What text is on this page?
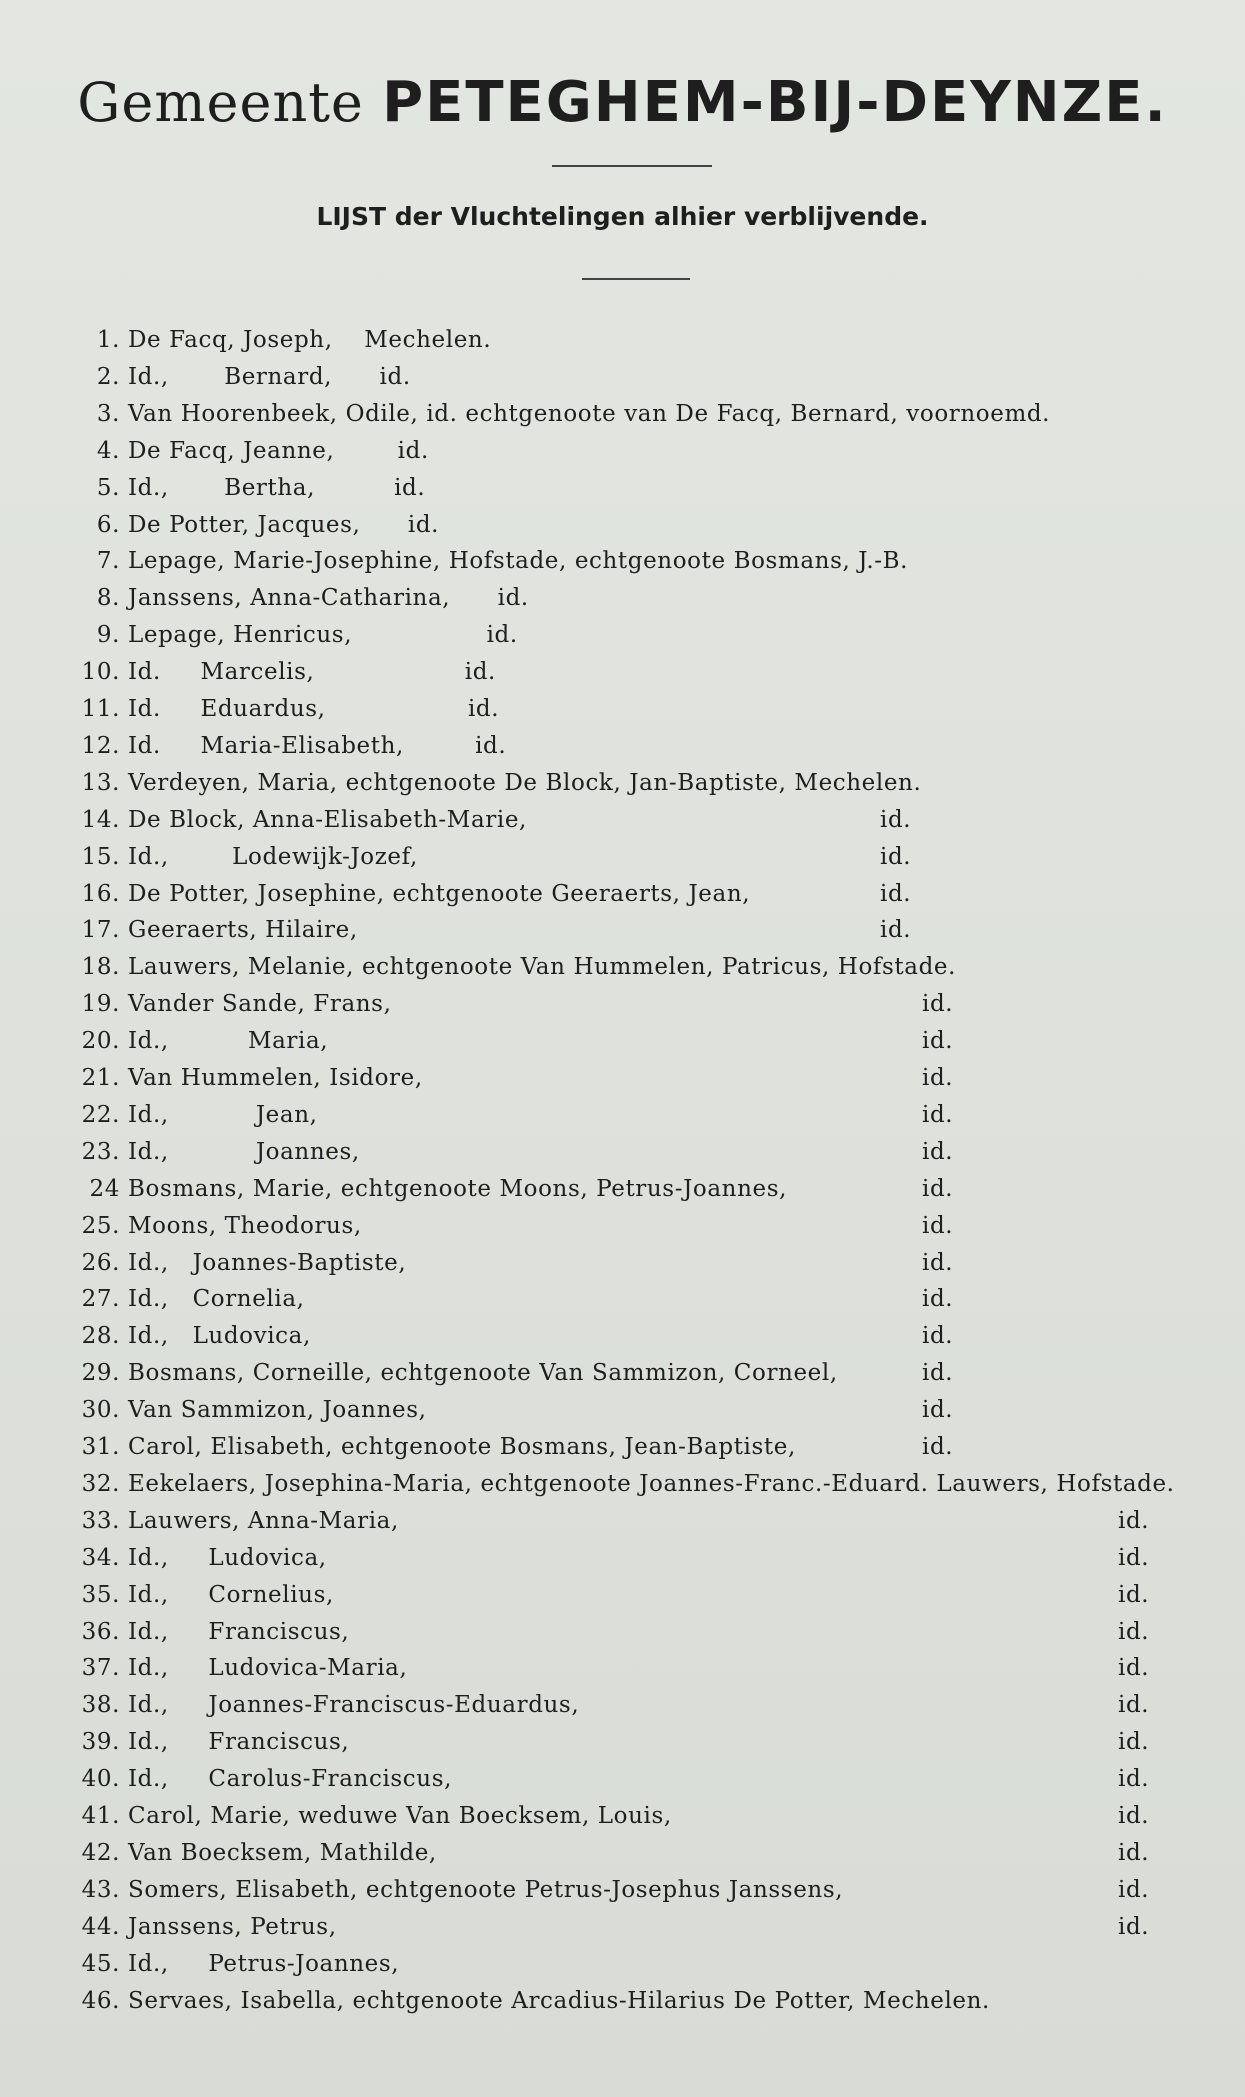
Gemeente PETEGHEM-BIJ-DEYNZE.
LIJST der Vluchtelingen alhier verblijvende.
1. De Facq, Joseph,    Mechelen.
2. Id.,       Bernard,      id.
3. Van Hoorenbeek, Odile, id. echtgenoote van De Facq, Bernard, voornoemd.
4. De Facq, Jeanne,        id.
5. Id.,       Bertha,          id.
6. De Potter, Jacques,      id.
7. Lepage, Marie-Josephine, Hofstade, echtgenoote Bosmans, J.-B.
8. Janssens, Anna-Catharina,      id.
9. Lepage, Henricus,                 id.
10. Id.     Marcelis,                   id.
11. Id.     Eduardus,                  id.
12. Id.     Maria-Elisabeth,         id.
13. Verdeyen, Maria, echtgenoote De Block, Jan-Baptiste, Mechelen.
14. De Block, Anna-Elisabeth-Marie,	id.
15. Id.,        Lodewijk-Jozef,	id.
16. De Potter, Josephine, echtgenoote Geeraerts, Jean,	id.
17. Geeraerts, Hilaire,	id.
18. Lauwers, Melanie, echtgenoote Van Hummelen, Patricus, Hofstade.
19. Vander Sande, Frans,	id.
20. Id.,          Maria,	id.
21. Van Hummelen, Isidore,	id.
22. Id.,           Jean,	id.
23. Id.,           Joannes,	id.
24 Bosmans, Marie, echtgenoote Moons, Petrus-Joannes,	id.
25. Moons, Theodorus,	id.
26. Id.,   Joannes-Baptiste,	id.
27. Id.,   Cornelia,	id.
28. Id.,   Ludovica,	id.
29. Bosmans, Corneille, echtgenoote Van Sammizon, Corneel,	id.
30. Van Sammizon, Joannes,	id.
31. Carol, Elisabeth, echtgenoote Bosmans, Jean-Baptiste,	id.
32. Eekelaers, Josephina-Maria, echtgenoote Joannes-Franc.-Eduard. Lauwers, Hofstade.
33. Lauwers, Anna-Maria,	id.
34. Id.,     Ludovica,	id.
35. Id.,     Cornelius,	id.
36. Id.,     Franciscus,	id.
37. Id.,     Ludovica-Maria,	id.
38. Id.,     Joannes-Franciscus-Eduardus,	id.
39. Id.,     Franciscus,	id.
40. Id.,     Carolus-Franciscus,	id.
41. Carol, Marie, weduwe Van Boecksem, Louis,	id.
42. Van Boecksem, Mathilde,	id.
43. Somers, Elisabeth, echtgenoote Petrus-Josephus Janssens,	id.
44. Janssens, Petrus,	id.
45. Id.,     Petrus-Joannes,
46. Servaes, Isabella, echtgenoote Arcadius-Hilarius De Potter, Mechelen.
